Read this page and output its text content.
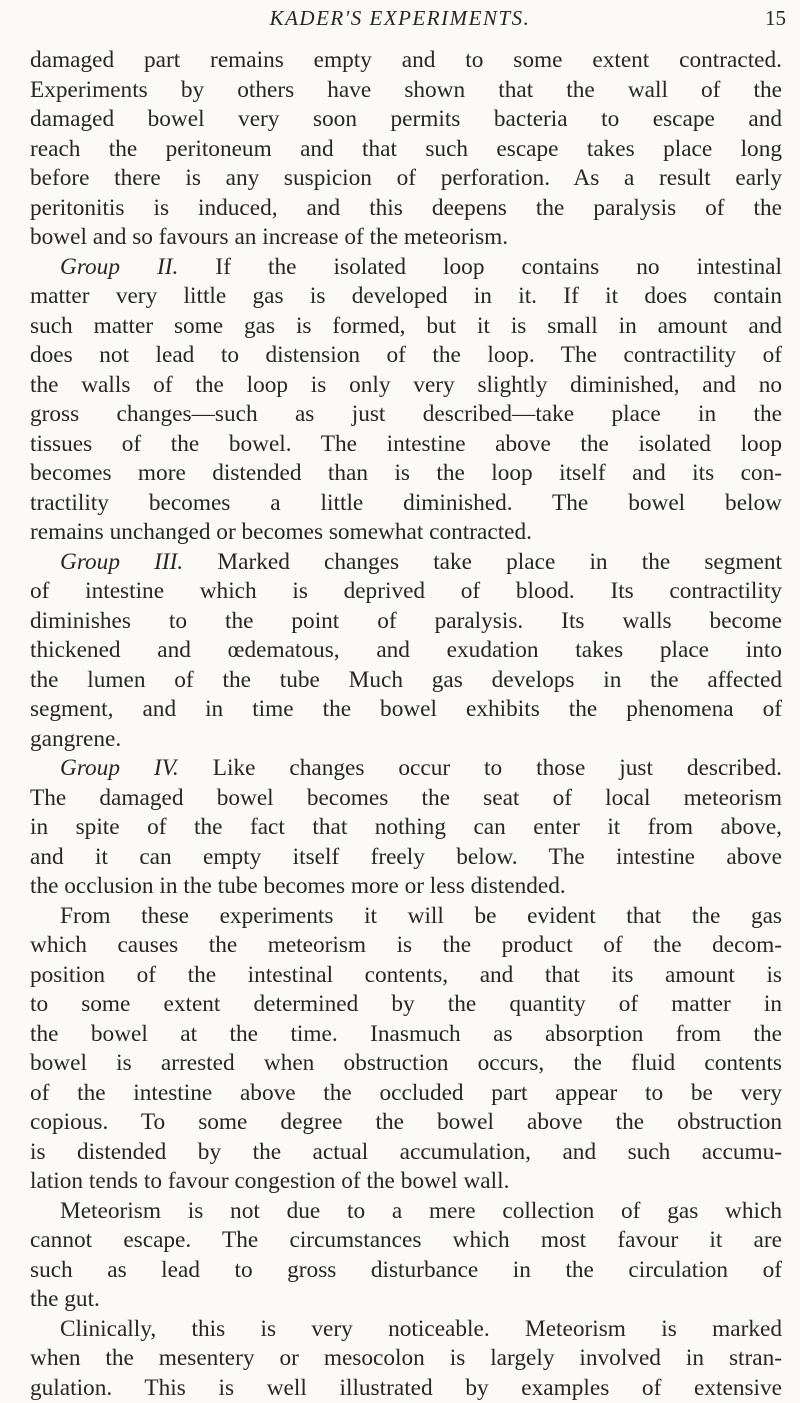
KADER'S EXPERIMENTS.	15
damaged part remains empty and to some extent contracted.
Experiments by others have shown that the wall of the
damaged bowel very soon permits bacteria to escape and
reach the peritoneum and that such escape takes place long
before there is any suspicion of perforation. As a result early
peritonitis is induced, and this deepens the paralysis of the
bowel and so favours an increase of the meteorism.
Group II. If the isolated loop contains no intestinal
matter very little gas is developed in it. If it does contain
such matter some gas is formed, but it is small in amount and
does not lead to distension of the loop. The contractility of
the walls of the loop is only very slightly diminished, and no
gross changes—such as just described—take place in the
tissues of the bowel. The intestine above the isolated loop
becomes more distended than is the loop itself and its con-
tractility becomes a little diminished. The bowel below
remains unchanged or becomes somewhat contracted.
Group III. Marked changes take place in the segment
of intestine which is deprived of blood. Its contractility
diminishes to the point of paralysis. Its walls become
thickened and œdematous, and exudation takes place into
the lumen of the tube Much gas develops in the affected
segment, and in time the bowel exhibits the phenomena of
gangrene.
Group IV. Like changes occur to those just described.
The damaged bowel becomes the seat of local meteorism
in spite of the fact that nothing can enter it from above,
and it can empty itself freely below. The intestine above
the occlusion in the tube becomes more or less distended.
From these experiments it will be evident that the gas
which causes the meteorism is the product of the decom-
position of the intestinal contents, and that its amount is
to some extent determined by the quantity of matter in
the bowel at the time. Inasmuch as absorption from the
bowel is arrested when obstruction occurs, the fluid contents
of the intestine above the occluded part appear to be very
copious. To some degree the bowel above the obstruction
is distended by the actual accumulation, and such accumu-
lation tends to favour congestion of the bowel wall.
Meteorism is not due to a mere collection of gas which
cannot escape. The circumstances which most favour it are
such as lead to gross disturbance in the circulation of
the gut.
Clinically, this is very noticeable. Meteorism is marked
when the mesentery or mesocolon is largely involved in stran-
gulation. This is well illustrated by examples of extensive
